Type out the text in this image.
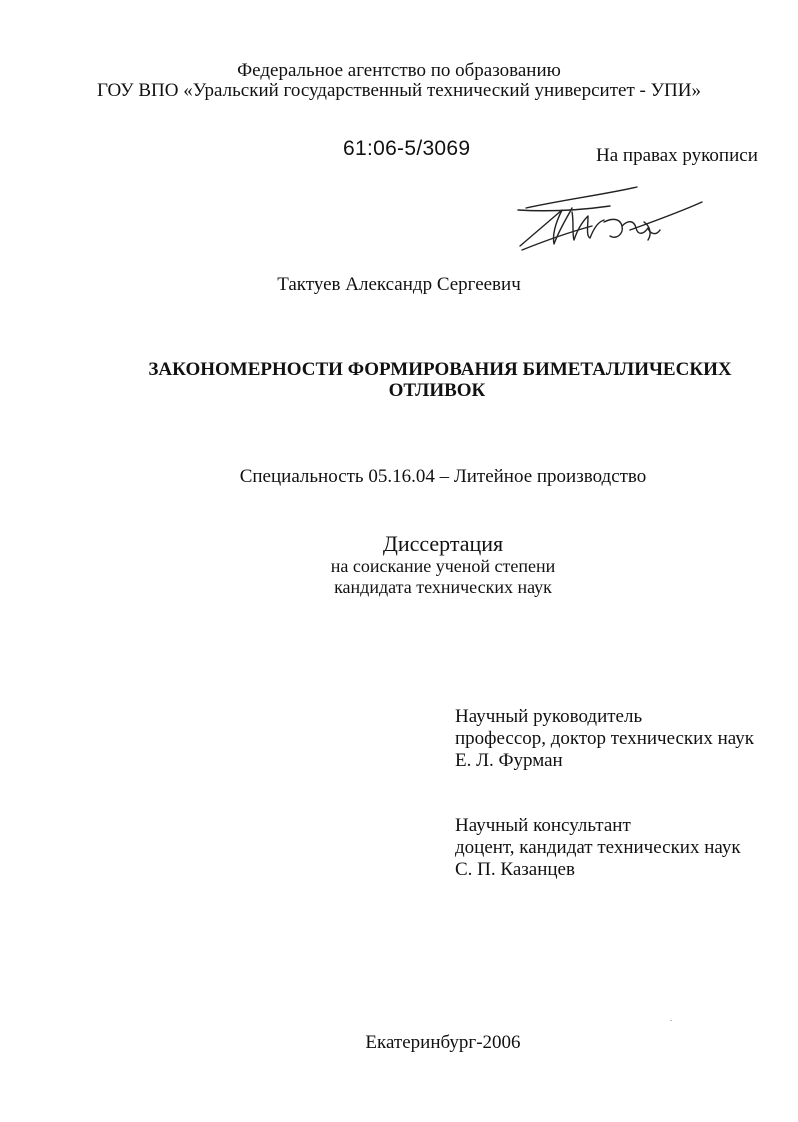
Федеральное агентство по образованию
ГОУ ВПО «Уральский государственный технический университет - УПИ»
61:06-5/3069	На правах рукописи
Тактуев Александр Сергеевич
ЗАКОНОМЕРНОСТИ ФОРМИРОВАНИЯ БИМЕТАЛЛИЧЕСКИХ
ОТЛИВОК
Специальность 05.16.04 – Литейное производство
Диссертация
на соискание ученой степени
кандидата технических наук
Научный руководитель
профессор, доктор технических наук
Е. Л. Фурман
Научный консультант
доцент, кандидат технических наук
С. П. Казанцев
Екатеринбург-2006
